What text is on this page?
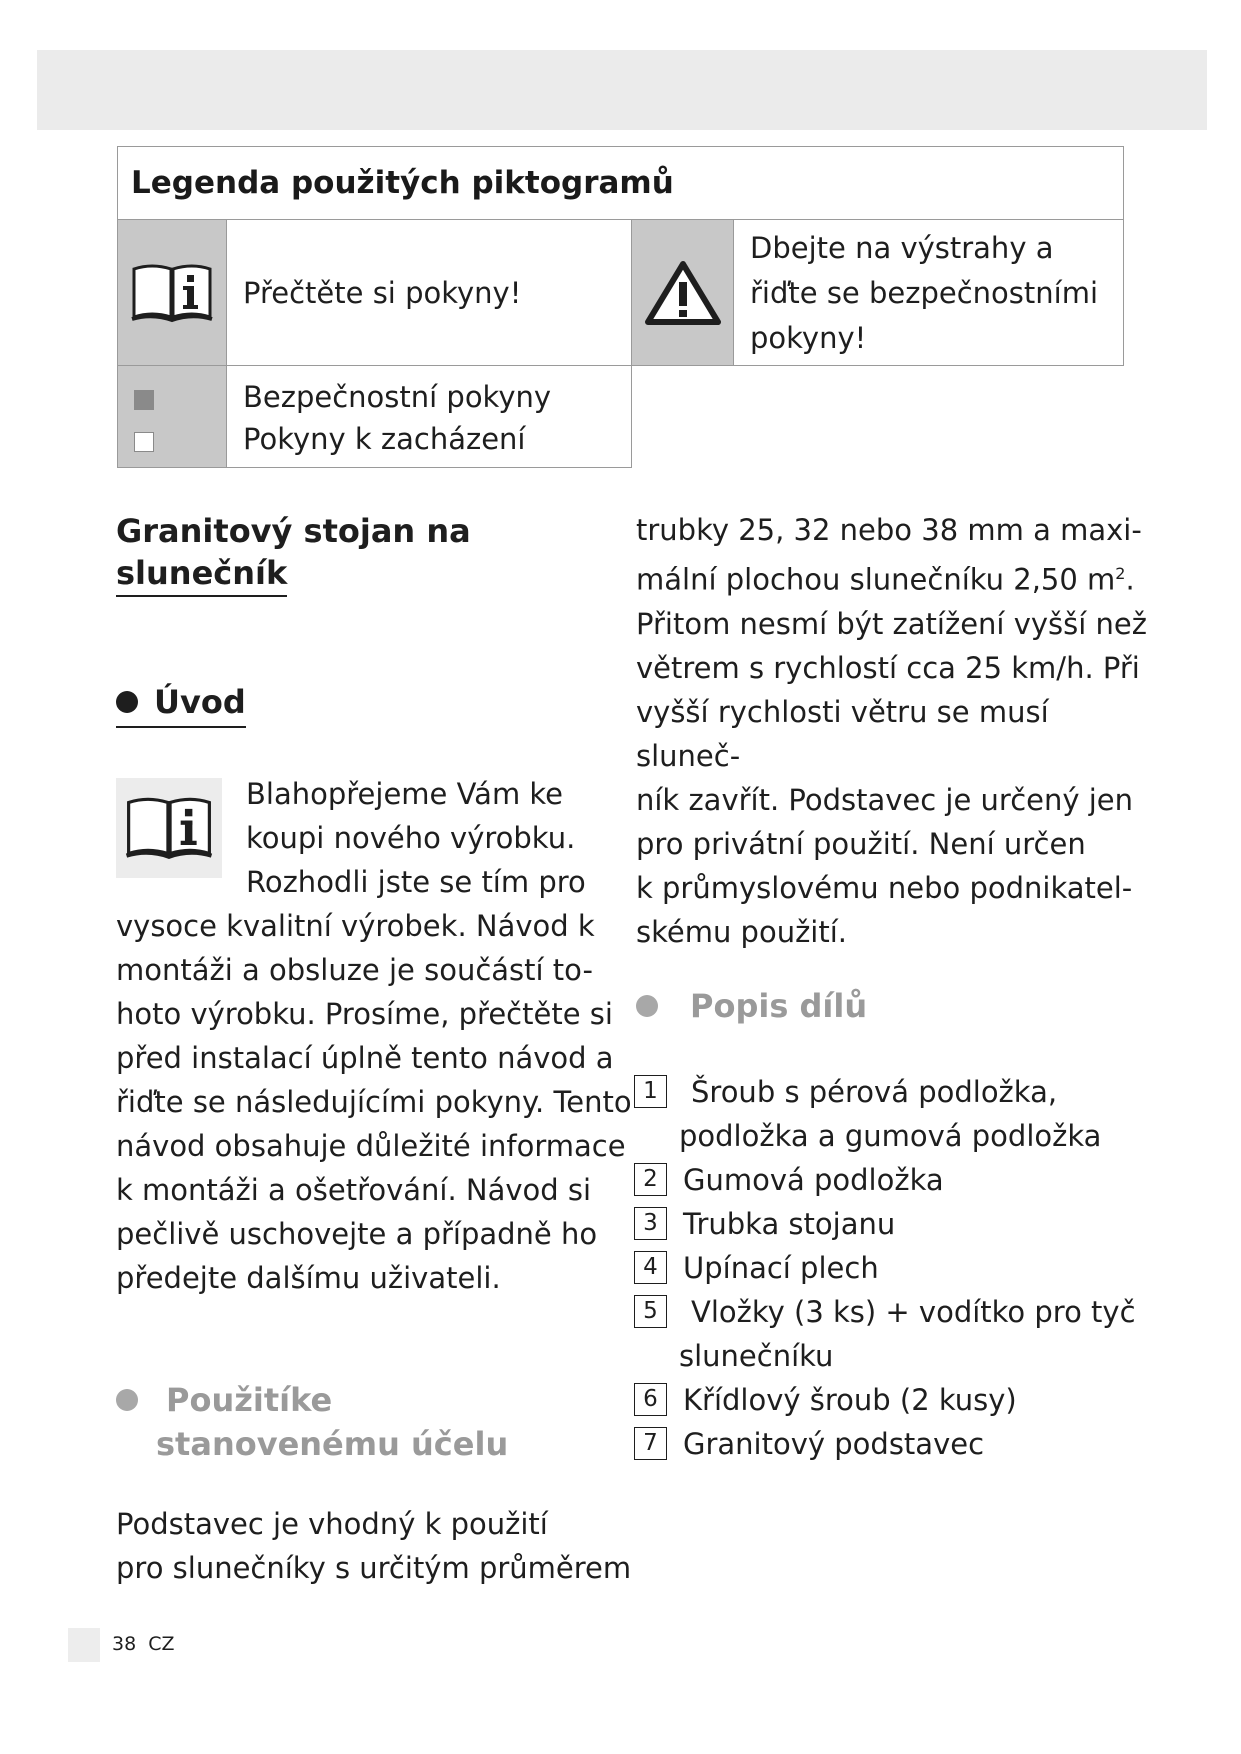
Legenda použitých piktogramů
Přečtěte si pokyny!
Dbejte na výstrahy a
řiďte se bezpečnostními
pokyny!
Bezpečnostní pokyny
Pokyny k zacházení
Granitový stojan na
slunečník
Úvod
Blahopřejeme Vám ke
koupi nového výrobku.
Rozhodli jste se tím pro
vysoce kvalitní výrobek. Návod k
montáži a obsluze je součástí to-
hoto výrobku. Prosíme, přečtěte si
před instalací úplně tento návod a
řiďte se následujícími pokyny. Tento
návod obsahuje důležité informace
k montáži a ošetřování. Návod si
pečlivě uschovejte a případně ho
předejte dalšímu uživateli.
Použitíke
stanovenému účelu
Podstavec je vhodný k použití
pro slunečníky s určitým průměrem
trubky 25, 32 nebo 38 mm a maxi-
mální plochou slunečníku 2,50 $m^2$.
Přitom nesmí být zatížení vyšší než
větrem s rychlostí cca 25 km/h. Při
vyšší rychlosti větru se musí sluneč-
ník zavřít. Podstavec je určený jen
pro privátní použití. Není určen
k průmyslovému nebo podnikatel-
skému použití.
Popis dílů
1	Šroub s pérová podložka,
podložka a gumová podložka
2 Gumová podložka
3 Trubka stojanu
4 Upínací plech
5	Vložky (3 ks) + vodítko pro tyč
slunečníku
6 Křídlový šroub (2 kusy)
7 Granitový podstavec
38 CZ
